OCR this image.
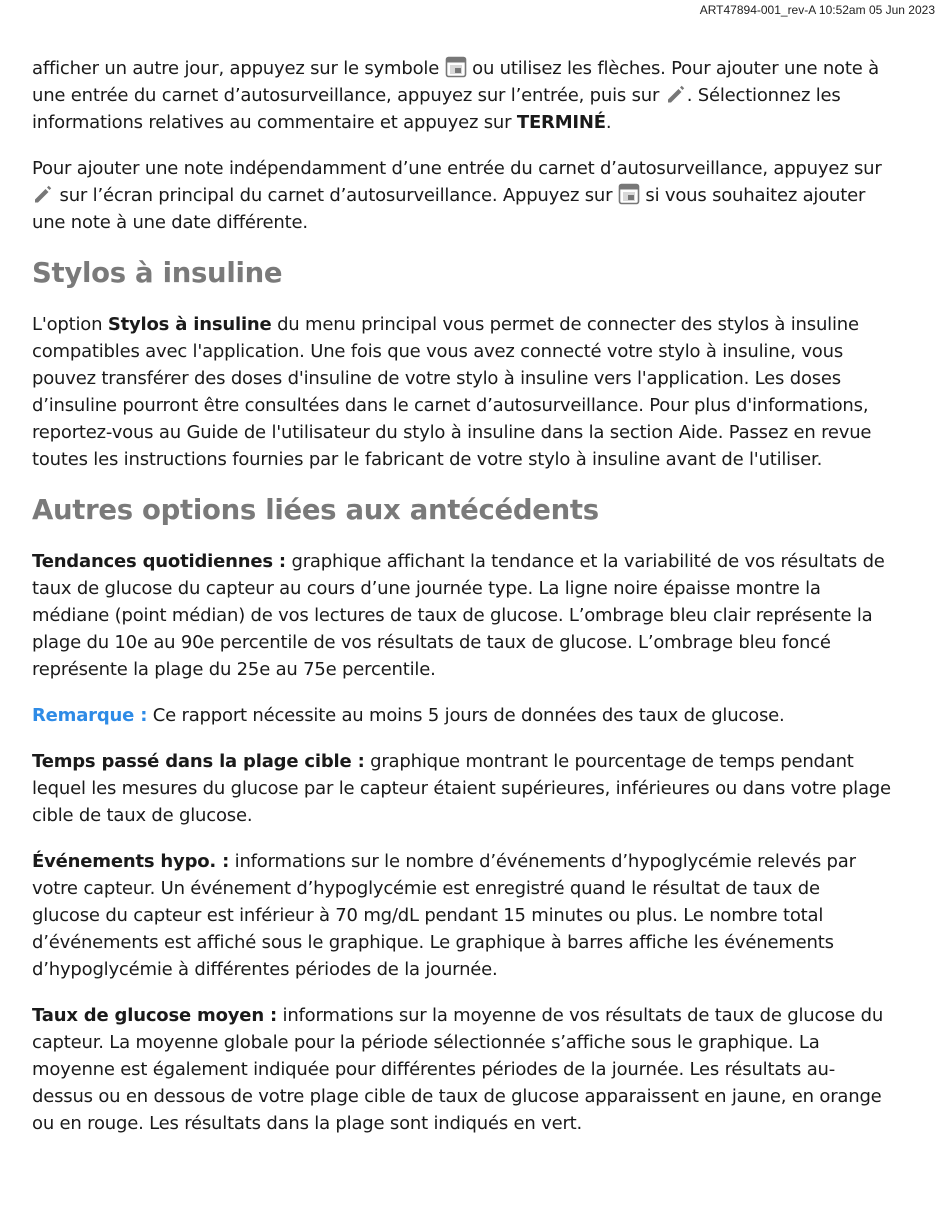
ART47894-001_rev-A 10:52am 05 Jun 2023

afficher un autre jour, appuyez sur le symbole ou utilisez les flèches. Pour ajouter une note à une entrée du carnet d’autosurveillance, appuyez sur l’entrée, puis sur . Sélectionnez les informations relatives au commentaire et appuyez sur TERMINÉ.

Pour ajouter une note indépendamment d’une entrée du carnet d’autosurveillance, appuyez sur
sur l’écran principal du carnet d’autosurveillance. Appuyez sur si vous souhaitez ajouter une note à une date différente.

Stylos à insuline

L'option Stylos à insuline du menu principal vous permet de connecter des stylos à insuline compatibles avec l'application. Une fois que vous avez connecté votre stylo à insuline, vous pouvez transférer des doses d'insuline de votre stylo à insuline vers l'application. Les doses d’insuline pourront être consultées dans le carnet d’autosurveillance. Pour plus d'informations, reportez-vous au Guide de l'utilisateur du stylo à insuline dans la section Aide. Passez en revue toutes les instructions fournies par le fabricant de votre stylo à insuline avant de l'utiliser.

Autres options liées aux antécédents

Tendances quotidiennes : graphique affichant la tendance et la variabilité de vos résultats de taux de glucose du capteur au cours d’une journée type. La ligne noire épaisse montre la médiane (point médian) de vos lectures de taux de glucose. L’ombrage bleu clair représente la plage du 10e au 90e percentile de vos résultats de taux de glucose. L’ombrage bleu foncé représente la plage du 25e au 75e percentile.

Remarque : Ce rapport nécessite au moins 5 jours de données des taux de glucose.

Temps passé dans la plage cible : graphique montrant le pourcentage de temps pendant lequel les mesures du glucose par le capteur étaient supérieures, inférieures ou dans votre plage cible de taux de glucose.

Événements hypo. : informations sur le nombre d’événements d’hypoglycémie relevés par votre capteur. Un événement d’hypoglycémie est enregistré quand le résultat de taux de glucose du capteur est inférieur à 70 mg/dL pendant 15 minutes ou plus. Le nombre total d’événements est affiché sous le graphique. Le graphique à barres affiche les événements d’hypoglycémie à différentes périodes de la journée.

Taux de glucose moyen : informations sur la moyenne de vos résultats de taux de glucose du capteur. La moyenne globale pour la période sélectionnée s’affiche sous le graphique. La moyenne est également indiquée pour différentes périodes de la journée. Les résultats au-dessus ou en dessous de votre plage cible de taux de glucose apparaissent en jaune, en orange ou en rouge. Les résultats dans la plage sont indiqués en vert.
